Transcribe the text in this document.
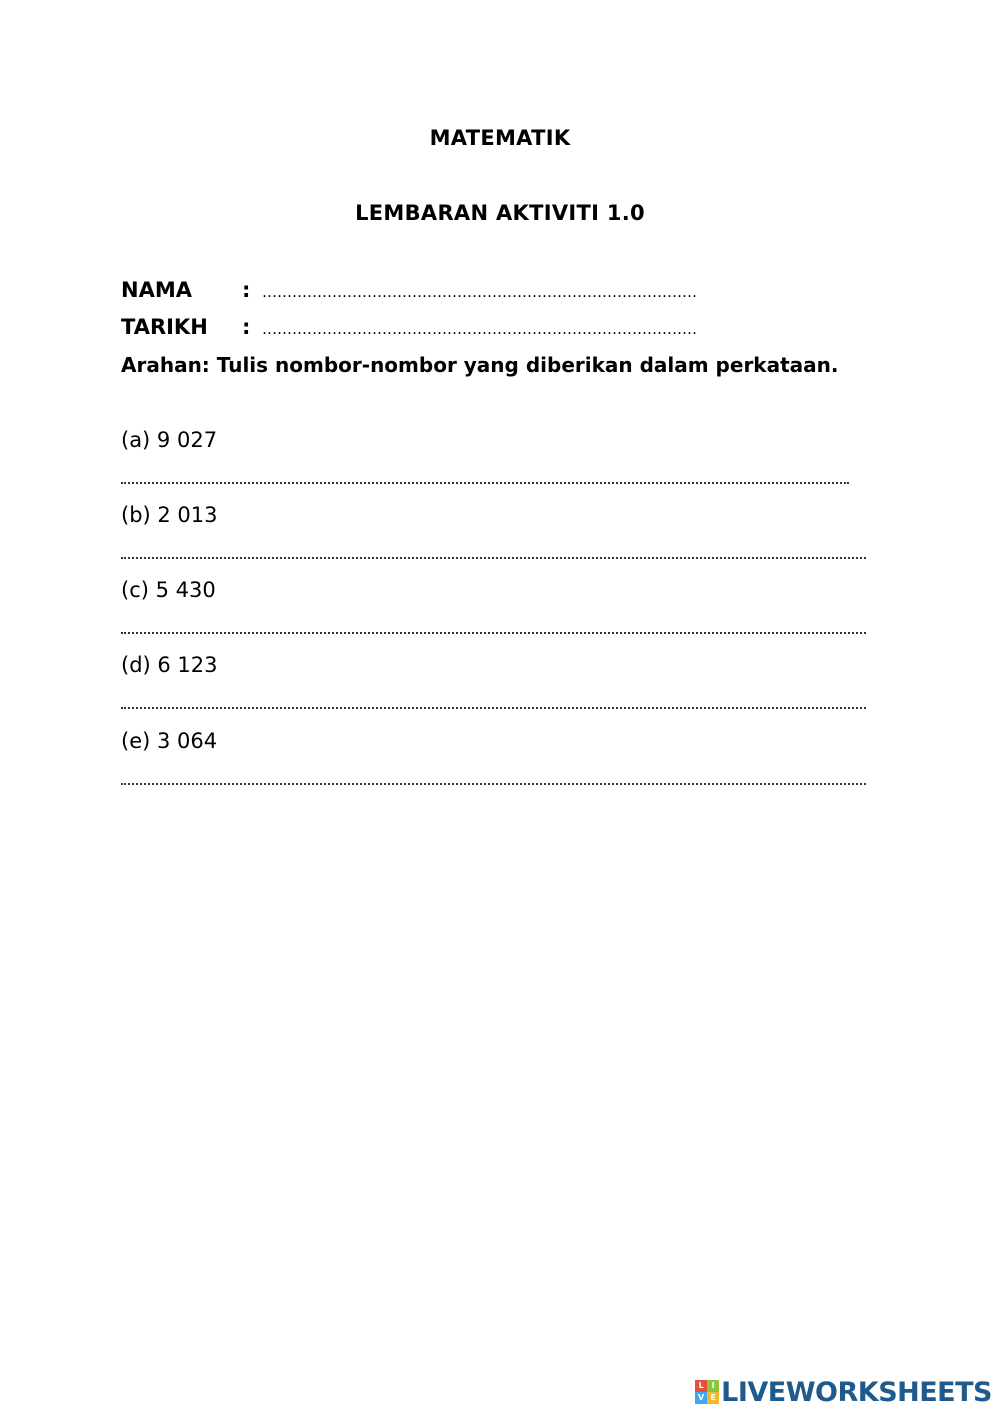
MATEMATIK
LEMBARAN AKTIVITI 1.0
NAMA : ……………………………………………………………………………
TARIKH : ……………………………………………………………………………
Arahan: Tulis nombor-nombor yang diberikan dalam perkataan.
(a) 9 027
(b) 2 013
(c) 5 430
(d) 6 123
(e) 3 064
L I
V E LIVEWORKSHEETS
